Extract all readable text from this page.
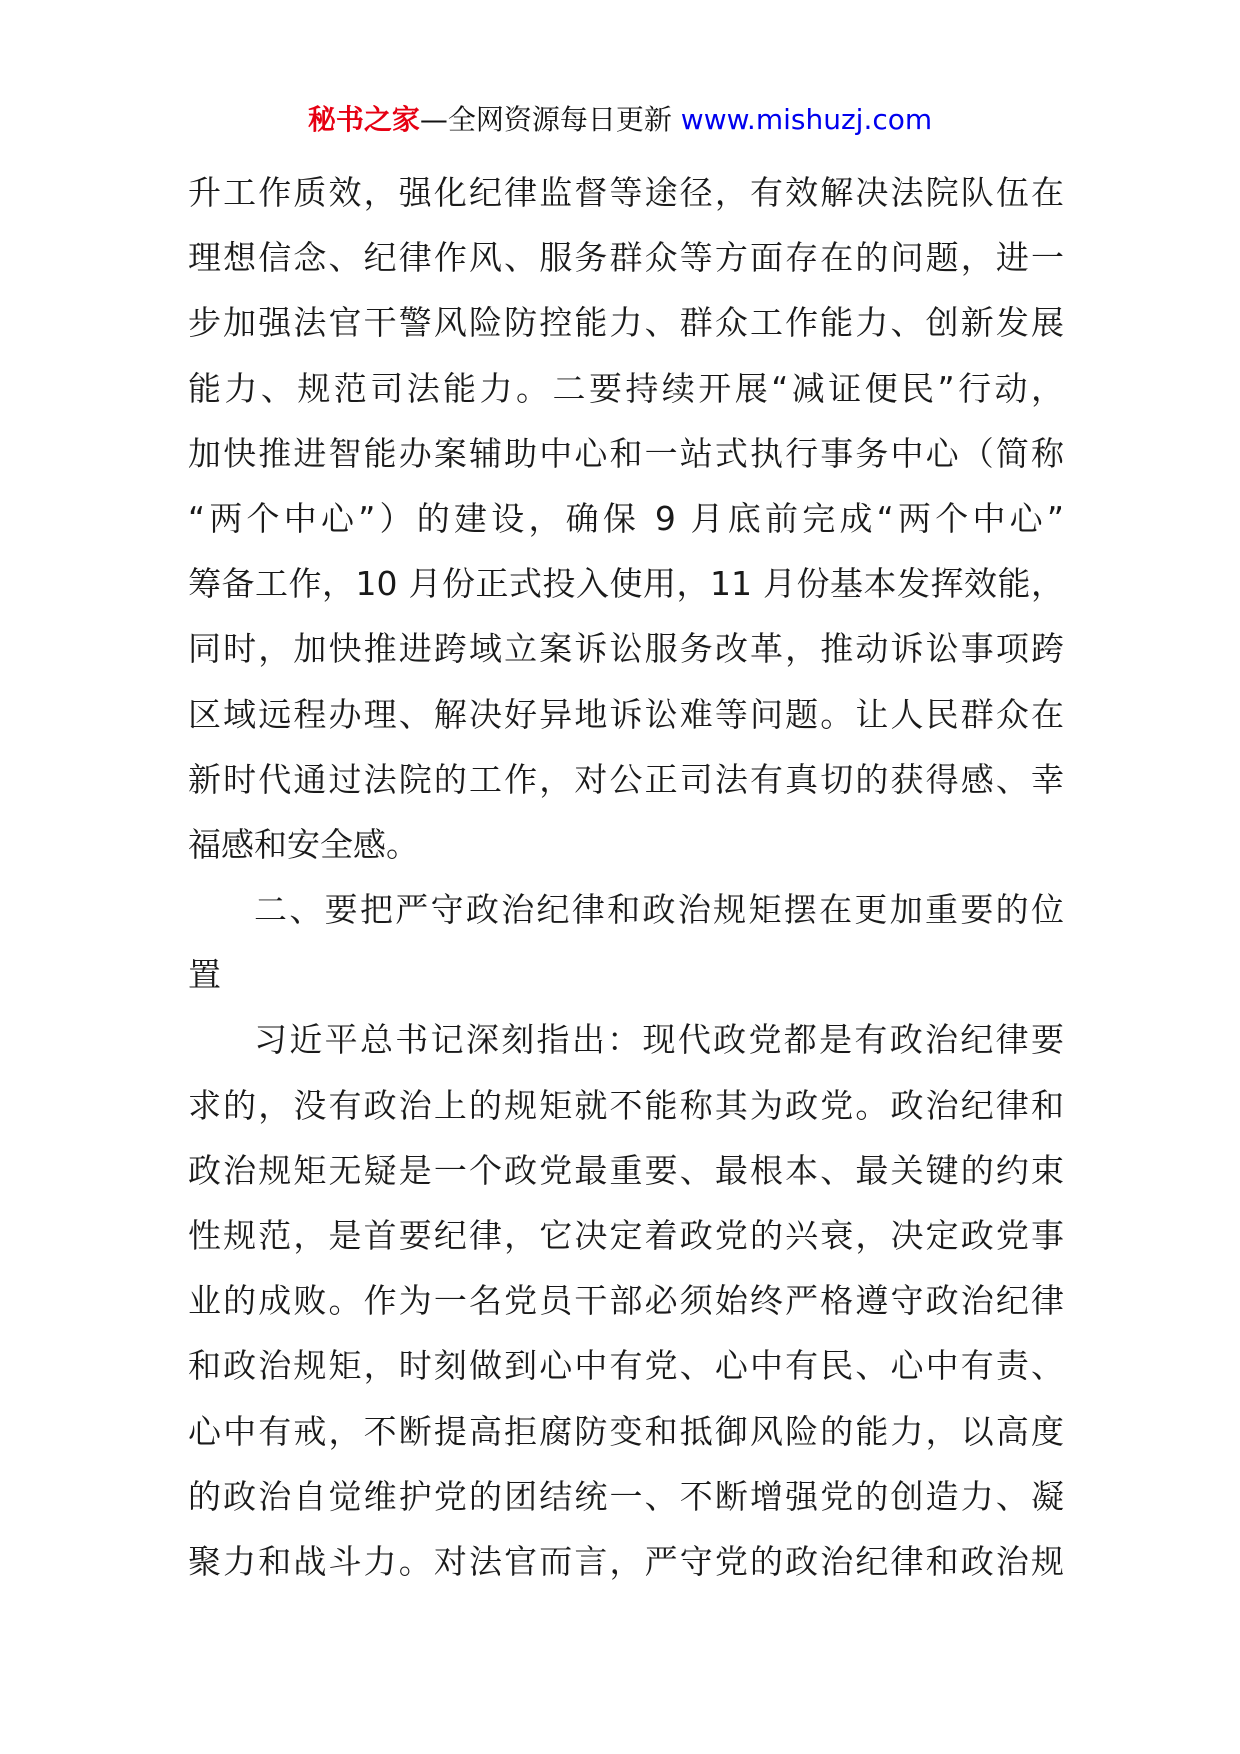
秘书之家—全网资源每日更新 www.mishuzj.com
升工作质效，强化纪律监督等途径，有效解决法院队伍在
理想信念、纪律作风、服务群众等方面存在的问题，进一
步加强法官干警风险防控能力、群众工作能力、创新发展
能力、规范司法能力。二要持续开展“减证便民”行动，
加快推进智能办案辅助中心和一站式执行事务中心（简称
“两个中心”）的建设，确保 9 月底前完成“两个中心”
筹备工作，10 月份正式投入使用，11 月份基本发挥效能，
同时，加快推进跨域立案诉讼服务改革，推动诉讼事项跨
区域远程办理、解决好异地诉讼难等问题。让人民群众在
新时代通过法院的工作，对公正司法有真切的获得感、幸
福感和安全感。
二、要把严守政治纪律和政治规矩摆在更加重要的位
置
习近平总书记深刻指出：现代政党都是有政治纪律要
求的，没有政治上的规矩就不能称其为政党。政治纪律和
政治规矩无疑是一个政党最重要、最根本、最关键的约束
性规范，是首要纪律，它决定着政党的兴衰，决定政党事
业的成败。作为一名党员干部必须始终严格遵守政治纪律
和政治规矩，时刻做到心中有党、心中有民、心中有责、
心中有戒，不断提高拒腐防变和抵御风险的能力，以高度
的政治自觉维护党的团结统一、不断增强党的创造力、凝
聚力和战斗力。对法官而言，严守党的政治纪律和政治规
